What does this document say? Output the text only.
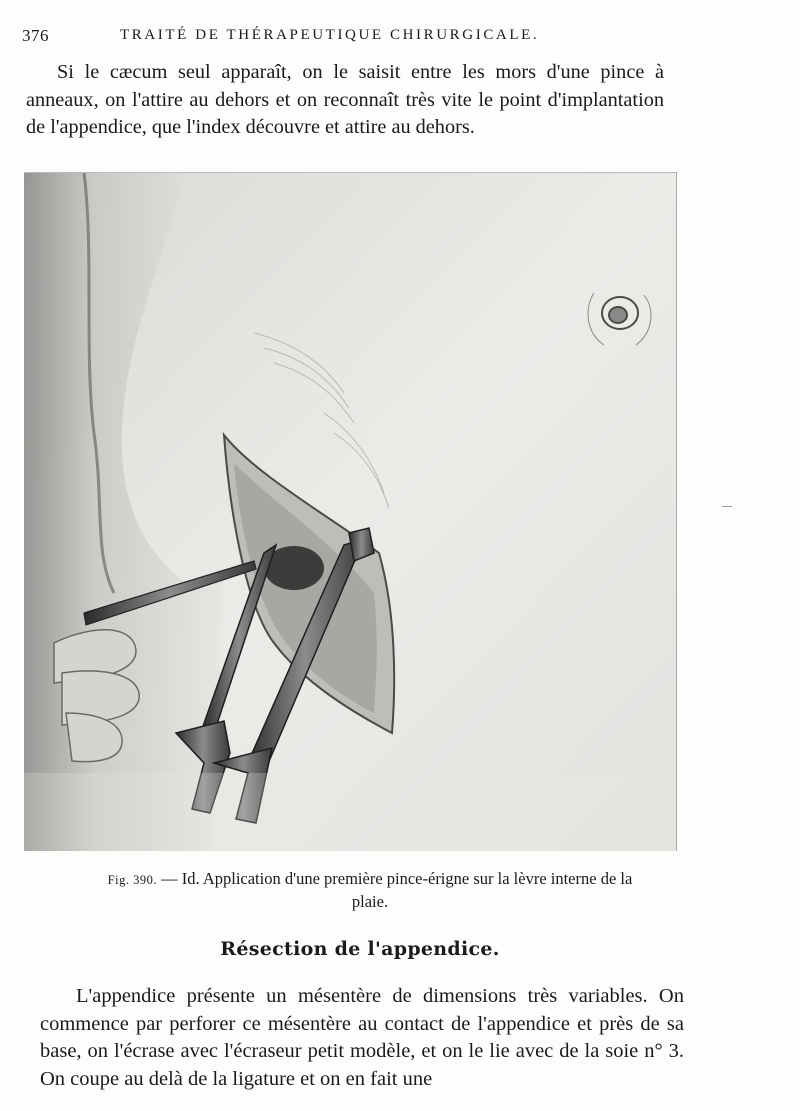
376	TRAITÉ DE THÉRAPEUTIQUE CHIRURGICALE.

Si le cæcum seul apparaît, on le saisit entre les mors d'une pince à anneaux, on l'attire au dehors et on reconnaît très vite le point d'implantation de l'appendice, que l'index découvre et attire au dehors.

Fig. 390. — Id. Application d'une première pince-érigne sur la lèvre interne de la plaie.
Résection de l'appendice.

L'appendice présente un mésentère de dimensions très variables. On commence par perforer ce mésentère au contact de l'appendice et près de sa base, on l'écrase avec l'écraseur petit modèle, et on le lie avec de la soie n° 3. On coupe au delà de la ligature et on en fait une
